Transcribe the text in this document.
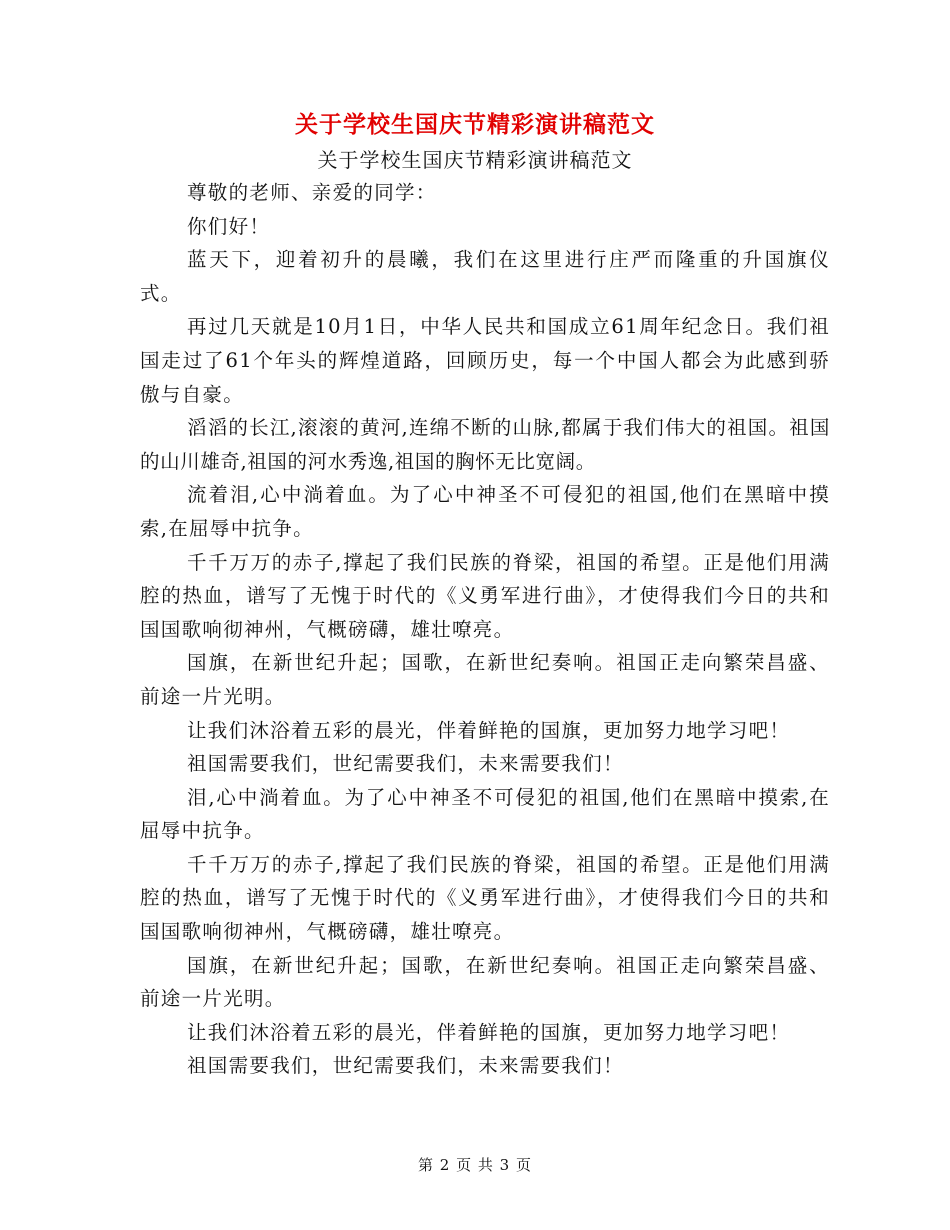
关于学校生国庆节精彩演讲稿范文
关于学校生国庆节精彩演讲稿范文

尊敬的老师、亲爱的同学：

你们好！

蓝天下，迎着初升的晨曦，我们在这里进行庄严而隆重的升国旗仪式。

再过几天就是10月1日，中华人民共和国成立61周年纪念日。我们祖国走过了61个年头的辉煌道路，回顾历史，每一个中国人都会为此感到骄傲与自豪。

滔滔的长江,滚滚的黄河,连绵不断的山脉,都属于我们伟大的祖国。祖国的山川雄奇,祖国的河水秀逸,祖国的胸怀无比宽阔。

流着泪,心中淌着血。为了心中神圣不可侵犯的祖国,他们在黑暗中摸索,在屈辱中抗争。

千千万万的赤子,撑起了我们民族的脊梁，祖国的希望。正是他们用满腔的热血，谱写了无愧于时代的《义勇军进行曲》，才使得我们今日的共和国国歌响彻神州，气概磅礴，雄壮嘹亮。

国旗，在新世纪升起；国歌，在新世纪奏响。祖国正走向繁荣昌盛、前途一片光明。

让我们沐浴着五彩的晨光，伴着鲜艳的国旗，更加努力地学习吧！

祖国需要我们，世纪需要我们，未来需要我们！

泪,心中淌着血。为了心中神圣不可侵犯的祖国,他们在黑暗中摸索,在屈辱中抗争。

千千万万的赤子,撑起了我们民族的脊梁，祖国的希望。正是他们用满腔的热血，谱写了无愧于时代的《义勇军进行曲》，才使得我们今日的共和国国歌响彻神州，气概磅礴，雄壮嘹亮。

国旗，在新世纪升起；国歌，在新世纪奏响。祖国正走向繁荣昌盛、前途一片光明。

让我们沐浴着五彩的晨光，伴着鲜艳的国旗，更加努力地学习吧！

祖国需要我们，世纪需要我们，未来需要我们！

第 2 页 共 3 页
